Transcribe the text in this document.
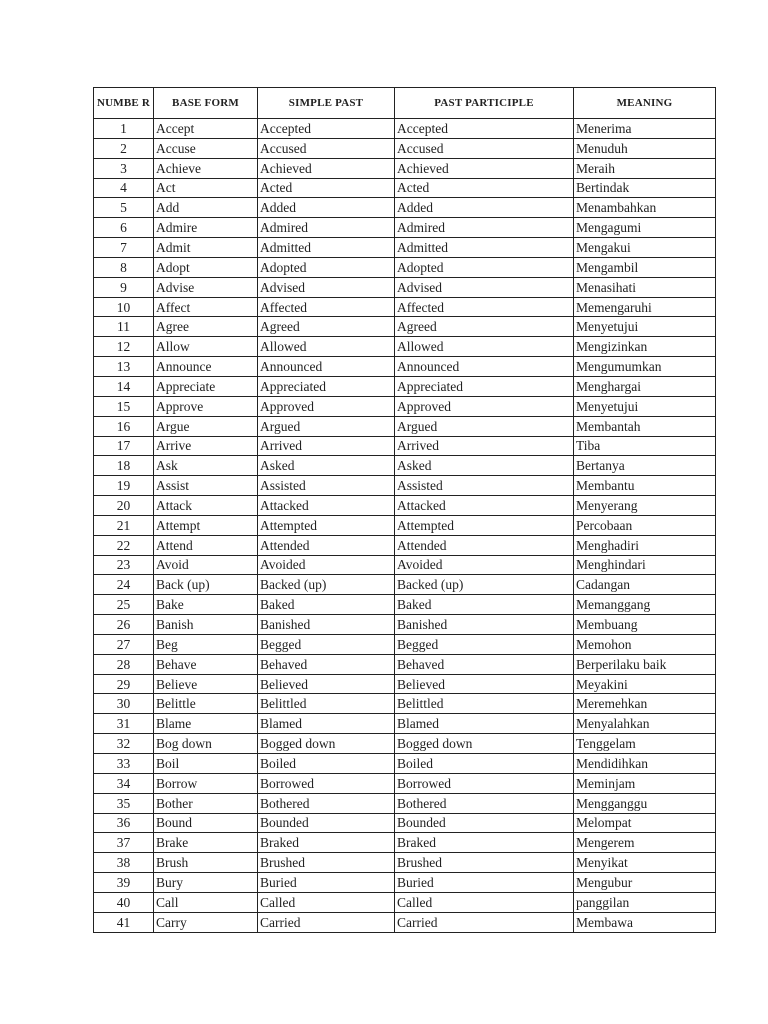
NUMBE R	BASE FORM	SIMPLE PAST	PAST PARTICIPLE	MEANING
1	Accept	Accepted	Accepted	Menerima
2	Accuse	Accused	Accused	Menuduh
3	Achieve	Achieved	Achieved	Meraih
4	Act	Acted	Acted	Bertindak
5	Add	Added	Added	Menambahkan
6	Admire	Admired	Admired	Mengagumi
7	Admit	Admitted	Admitted	Mengakui
8	Adopt	Adopted	Adopted	Mengambil
9	Advise	Advised	Advised	Menasihati
10	Affect	Affected	Affected	Memengaruhi
11	Agree	Agreed	Agreed	Menyetujui
12	Allow	Allowed	Allowed	Mengizinkan
13	Announce	Announced	Announced	Mengumumkan
14	Appreciate	Appreciated	Appreciated	Menghargai
15	Approve	Approved	Approved	Menyetujui
16	Argue	Argued	Argued	Membantah
17	Arrive	Arrived	Arrived	Tiba
18	Ask	Asked	Asked	Bertanya
19	Assist	Assisted	Assisted	Membantu
20	Attack	Attacked	Attacked	Menyerang
21	Attempt	Attempted	Attempted	Percobaan
22	Attend	Attended	Attended	Menghadiri
23	Avoid	Avoided	Avoided	Menghindari
24	Back (up)	Backed (up)	Backed (up)	Cadangan
25	Bake	Baked	Baked	Memanggang
26	Banish	Banished	Banished	Membuang
27	Beg	Begged	Begged	Memohon
28	Behave	Behaved	Behaved	Berperilaku baik
29	Believe	Believed	Believed	Meyakini
30	Belittle	Belittled	Belittled	Meremehkan
31	Blame	Blamed	Blamed	Menyalahkan
32	Bog down	Bogged down	Bogged down	Tenggelam
33	Boil	Boiled	Boiled	Mendidihkan
34	Borrow	Borrowed	Borrowed	Meminjam
35	Bother	Bothered	Bothered	Mengganggu
36	Bound	Bounded	Bounded	Melompat
37	Brake	Braked	Braked	Mengerem
38	Brush	Brushed	Brushed	Menyikat
39	Bury	Buried	Buried	Mengubur
40	Call	Called	Called	panggilan
41	Carry	Carried	Carried	Membawa
